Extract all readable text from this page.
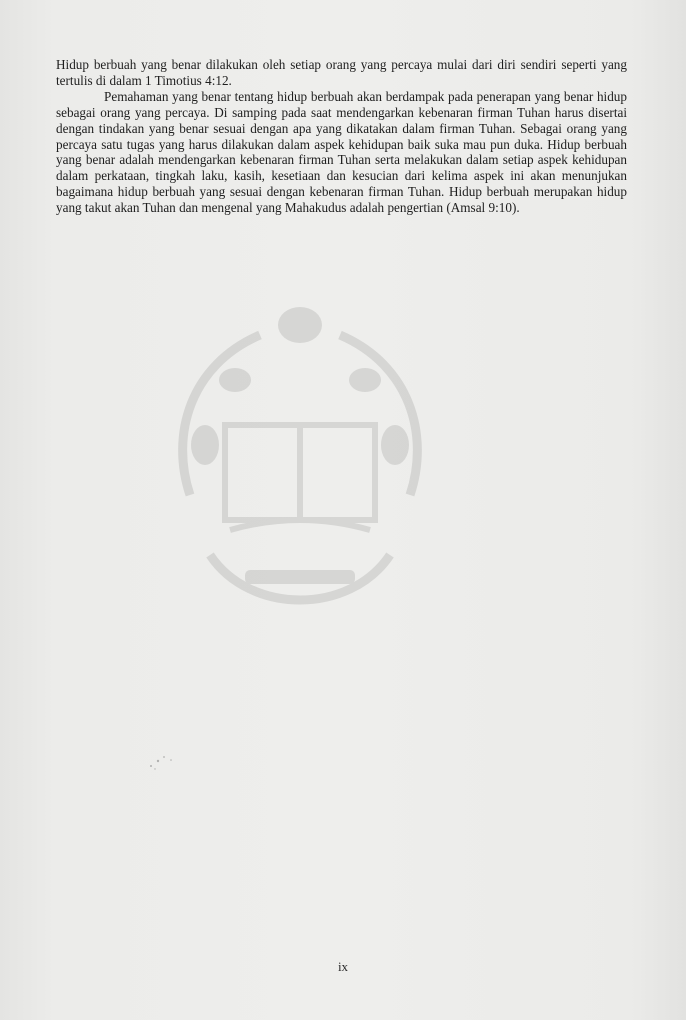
Hidup berbuah yang benar dilakukan oleh setiap orang yang percaya mulai dari diri sendiri seperti yang tertulis di dalam 1 Timotius 4:12.

Pemahaman yang benar tentang hidup berbuah akan berdampak pada penerapan yang benar hidup sebagai orang yang percaya. Di samping pada saat mendengarkan kebenaran firman Tuhan harus disertai dengan tindakan yang benar sesuai dengan apa yang dikatakan dalam firman Tuhan. Sebagai orang yang percaya satu tugas yang harus dilakukan dalam aspek kehidupan baik suka mau pun duka. Hidup berbuah yang benar adalah mendengarkan kebenaran firman Tuhan serta melakukan dalam setiap aspek kehidupan dalam perkataan, tingkah laku, kasih, kesetiaan dan kesucian dari kelima aspek ini akan menunjukan bagaimana hidup berbuah yang sesuai dengan kebenaran firman Tuhan. Hidup berbuah merupakan hidup yang takut akan Tuhan dan mengenal yang Mahakudus adalah pengertian (Amsal 9:10).

ix
